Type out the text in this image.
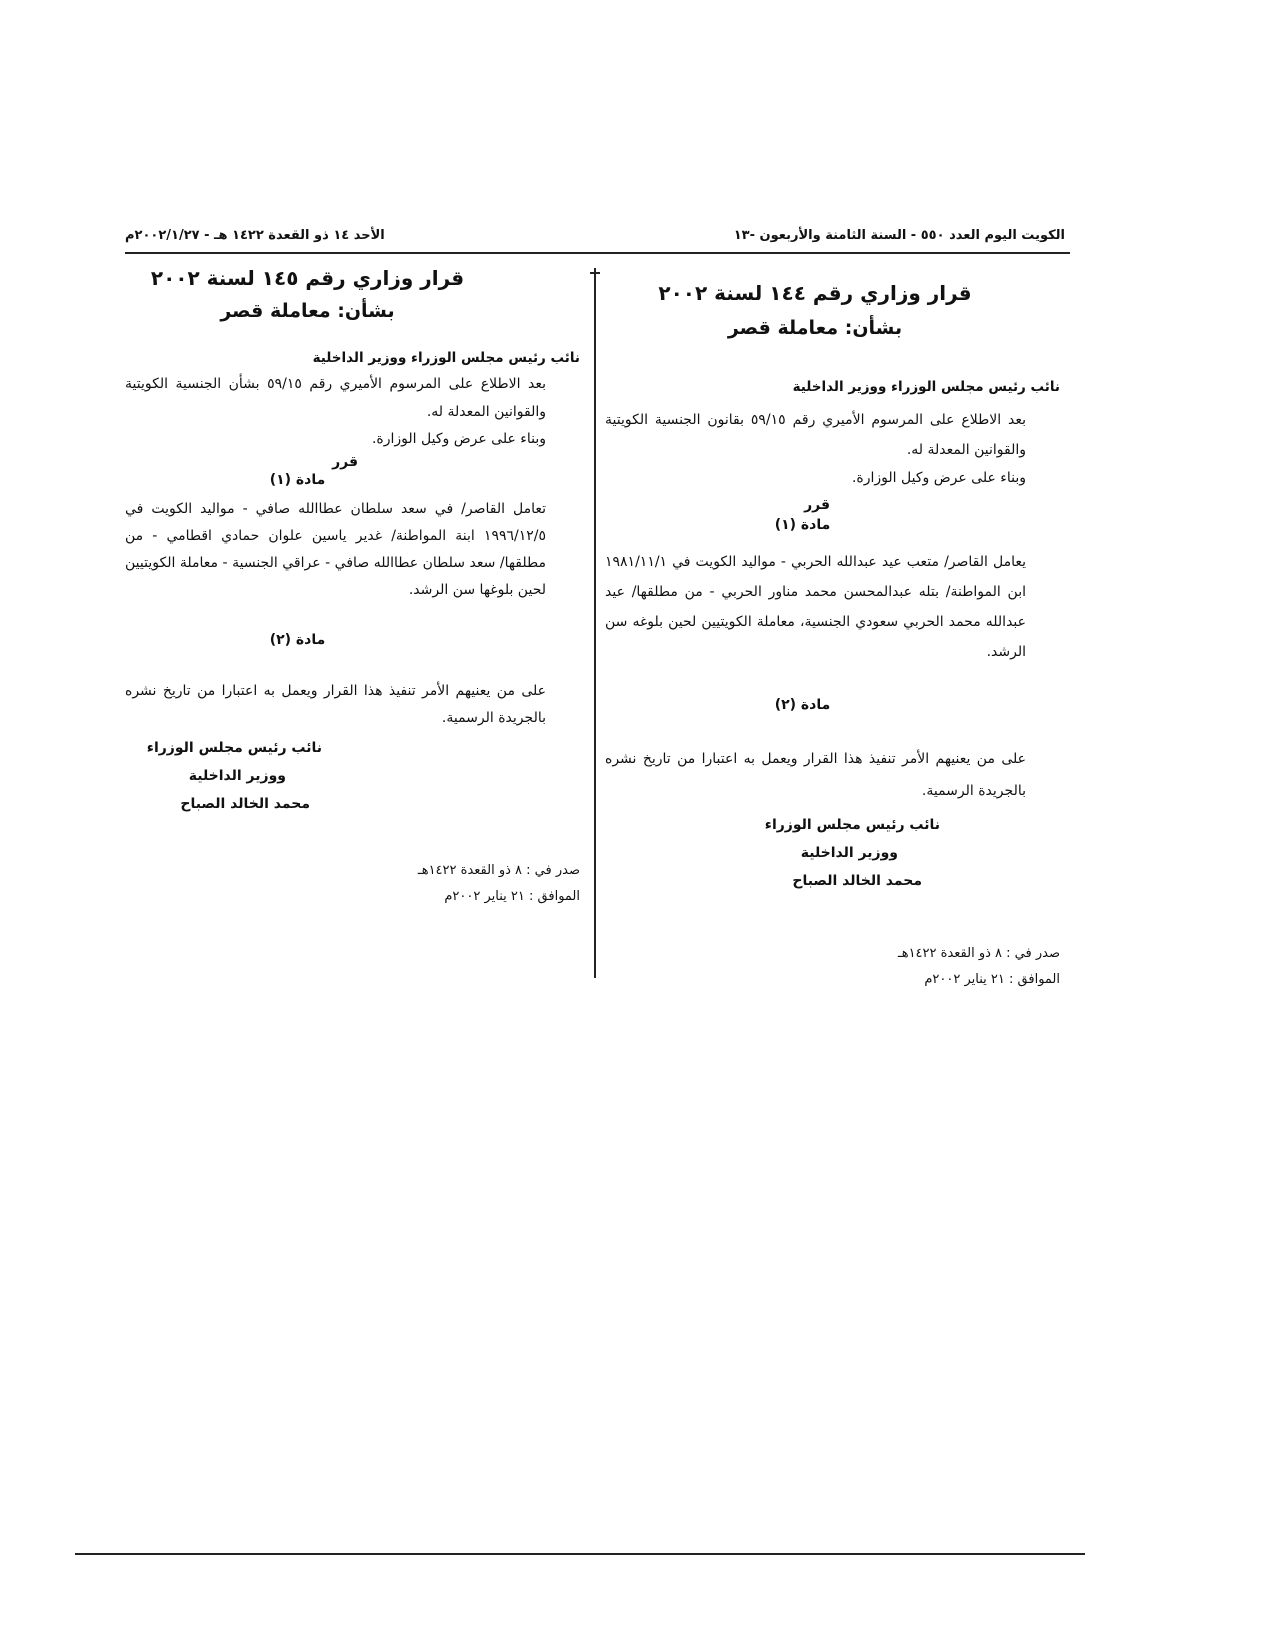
الكويت اليوم العدد ٥٥٠ - السنة الثامنة والأربعون -١٣
الأحد ١٤ ذو القعدة ١٤٢٢ هـ - ٢٠٠٢/١/٢٧م

قرار وزاري رقم ١٤٤ لسنة ٢٠٠٢

بشأن: معاملة قصر

نائب رئيس مجلس الوزراء ووزير الداخلية

بعد الاطلاع على المرسوم الأميري رقم ٥٩/١٥ بقانون الجنسية الكويتية والقوانين المعدلة له.

وبناء على عرض وكيل الوزارة.

قرر

مادة (١)

يعامل القاصر/ متعب عيد عبدالله الحربي - مواليد الكويت في ١٩٨١/١١/١ ابن المواطنة/ بتله عبدالمحسن محمد مناور الحربي - من مطلقها/ عيد عبدالله محمد الحربي سعودي الجنسية، معاملة الكويتيين لحين بلوغه سن الرشد.

مادة (٢)

على من يعنيهم الأمر تنفيذ هذا القرار ويعمل به اعتبارا من تاريخ نشره بالجريدة الرسمية.

نائب رئيس مجلس الوزراء

ووزير الداخلية

محمد الخالد الصباح

صدر في : ٨ ذو القعدة ١٤٢٢هـ

الموافق : ٢١ يناير ٢٠٠٢م

قرار وزاري رقم ١٤٥ لسنة ٢٠٠٢

بشأن: معاملة قصر

نائب رئيس مجلس الوزراء ووزير الداخلية

بعد الاطلاع على المرسوم الأميري رقم ٥٩/١٥ بشأن الجنسية الكويتية والقوانين المعدلة له.

وبناء على عرض وكيل الوزارة.

قرر

مادة (١)

تعامل القاصر/ في سعد سلطان عطاالله صافي - مواليد الكويت في ١٩٩٦/١٢/٥ ابنة المواطنة/ غدير ياسين علوان حمادي اقطامي - من مطلقها/ سعد سلطان عطاالله صافي - عراقي الجنسية - معاملة الكويتيين لحين بلوغها سن الرشد.

مادة (٢)

على من يعنيهم الأمر تنفيذ هذا القرار ويعمل به اعتبارا من تاريخ نشره بالجريدة الرسمية.

نائب رئيس مجلس الوزراء

ووزير الداخلية

محمد الخالد الصباح

صدر في : ٨ ذو القعدة ١٤٢٢هـ

الموافق : ٢١ يناير ٢٠٠٢م
